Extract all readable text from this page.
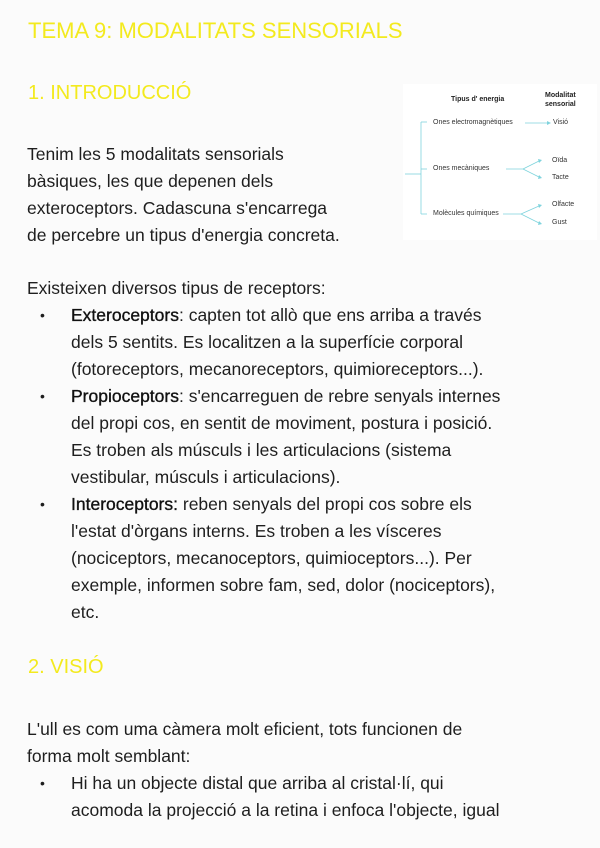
TEMA 9: MODALITATS SENSORIALS
1. INTRODUCCIÓ

Tenim les 5 modalitats sensorials
bàsiques, les que depenen dels
exteroceptors. Cadascuna s'encarrega
de percebre un tipus d'energia concreta.

Tipus d' energia
Modalitat
sensorial
Ones electromagnètiques	Visió
Ones mecàniques
Oïda
Tacte
Molècules químiques
Olfacte
Gust

Existeixen diversos tipus de receptors:

• Exteroceptors: capten tot allò que ens arriba a través
dels 5 sentits. Es localitzen a la superfície corporal
(fotoreceptors, mecanoreceptors, quimioreceptors...).
• Propioceptors: s'encarreguen de rebre senyals internes
del propi cos, en sentit de moviment, postura i posició.
Es troben als músculs i les articulacions (sistema
vestibular, músculs i articulacions).
• Interoceptors: reben senyals del propi cos sobre els
l'estat d'òrgans interns. Es troben a les vísceres
(nociceptors, mecanoceptors, quimioceptors...). Per
exemple, informen sobre fam, sed, dolor (nociceptors),
etc.
2. VISIÓ

L'ull es com uma càmera molt eficient, tots funcionen de
forma molt semblant:

• Hi ha un objecte distal que arriba al cristal·lí, qui
acomoda la projecció a la retina i enfoca l'objecte, igual
